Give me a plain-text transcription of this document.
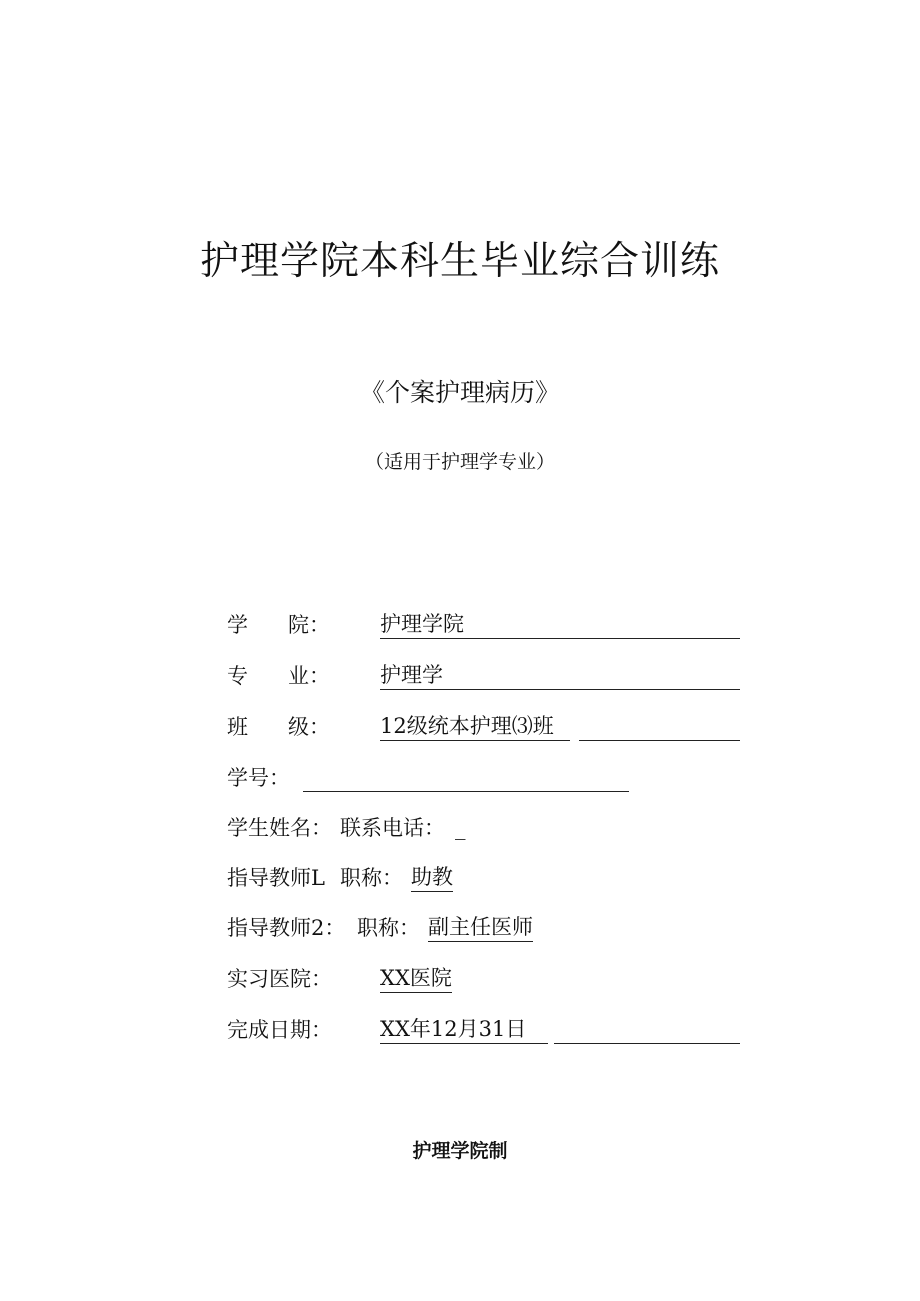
护理学院本科生毕业综合训练
《个案护理病历》
（适用于护理学专业）
学      院： 护理学院
专      业： 护理学
班      级： 12级统本护理⑶班
学号：
学生姓名： 联系电话： _
指导教师L 职称： 助教
指导教师2： 职称： 副主任医师
实习医院： XX医院
完成日期： XX年12月31日
护理学院制
